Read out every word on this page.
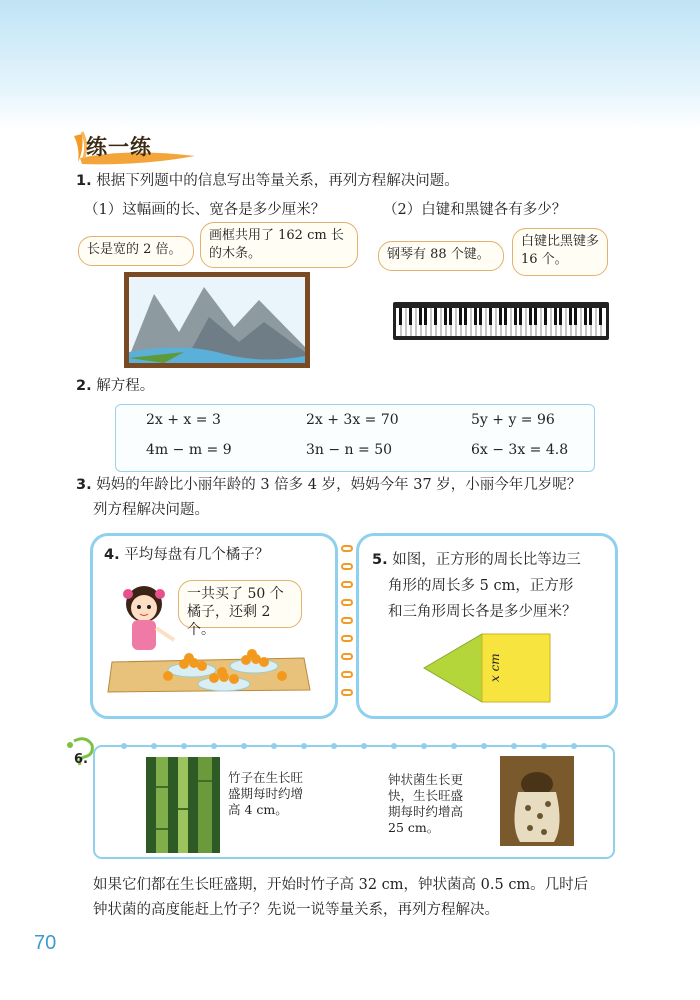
练一练
1. 根据下列题中的信息写出等量关系，再列方程解决问题。
（1）这幅画的长、宽各是多少厘米？	（2）白键和黑键各有多少？
长是宽的 2 倍。
画框共用了 162 cm 长的木条。	钢琴有 88 个键。
白键比黑键多 16 个。
2. 解方程。
2x + x = 3	2x + 3x = 70	5y + y = 96
4m − m = 9	3n − n = 50	6x − 3x = 4.8
3. 妈妈的年龄比小丽年龄的 3 倍多 4 岁，妈妈今年 37 岁，小丽今年几岁呢？
列方程解决问题。
4. 平均每盘有几个橘子？
一共买了 50 个橘子，还剩 2 个。
5. 如图，正方形的周长比等边三
角形的周长多 5 cm，正方形
和三角形周长各是多少厘米？
x cm
6.
竹子在生长旺
盛期每时约增
高 4 cm。
钟状菌生长更
快，生长旺盛
期每时约增高
25 cm。
如果它们都在生长旺盛期，开始时竹子高 32 cm，钟状菌高 0.5 cm。几时后
钟状菌的高度能赶上竹子？先说一说等量关系，再列方程解决。
70
